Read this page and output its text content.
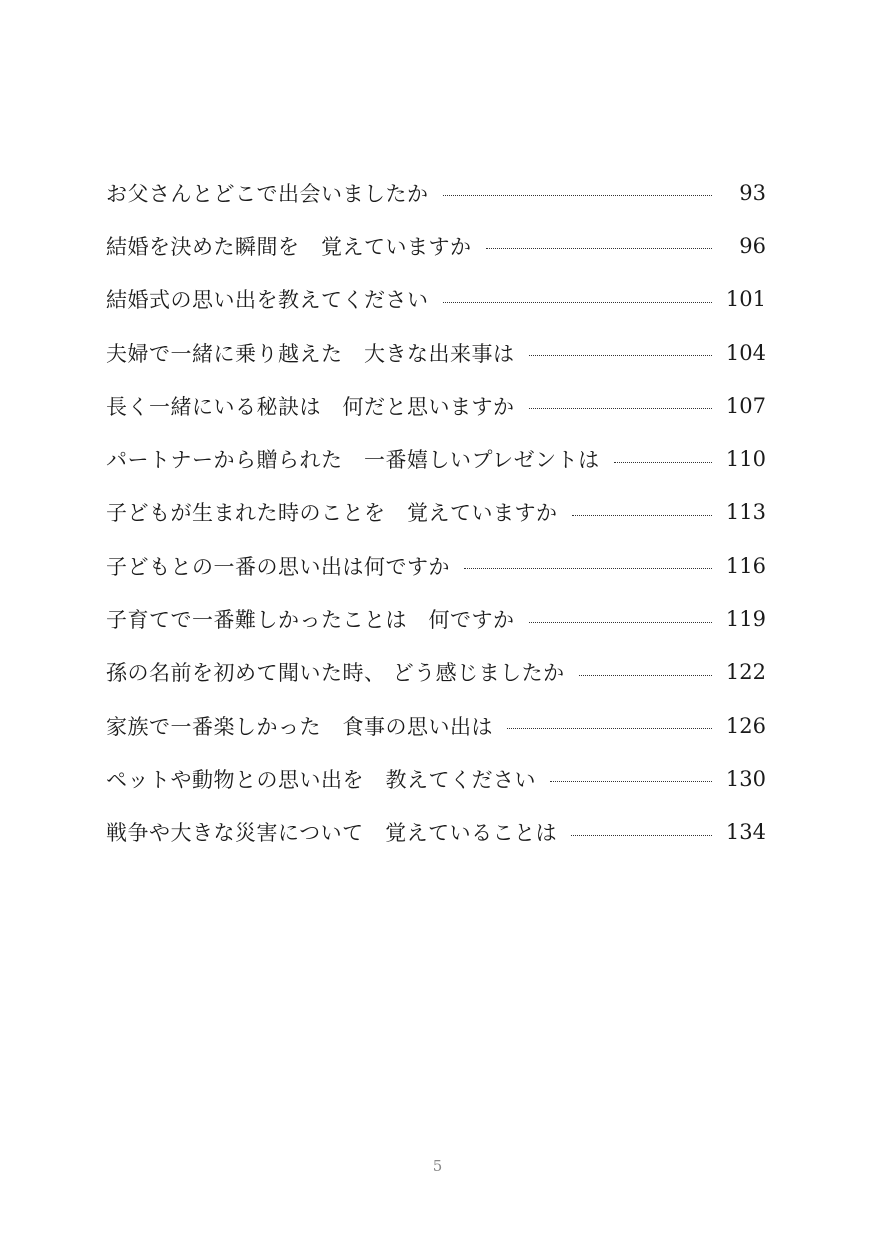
お父さんとどこで出会いましたか	93
結婚を決めた瞬間を　覚えていますか	96
結婚式の思い出を教えてください	101
夫婦で一緒に乗り越えた　大きな出来事は	104
長く一緒にいる秘訣は　何だと思いますか	107
パートナーから贈られた　一番嬉しいプレゼントは	110
子どもが生まれた時のことを　覚えていますか	113
子どもとの一番の思い出は何ですか	116
子育てで一番難しかったことは　何ですか	119
孫の名前を初めて聞いた時、 どう感じましたか	122
家族で一番楽しかった　食事の思い出は	126
ペットや動物との思い出を　教えてください	130
戦争や大きな災害について　覚えていることは	134
5
